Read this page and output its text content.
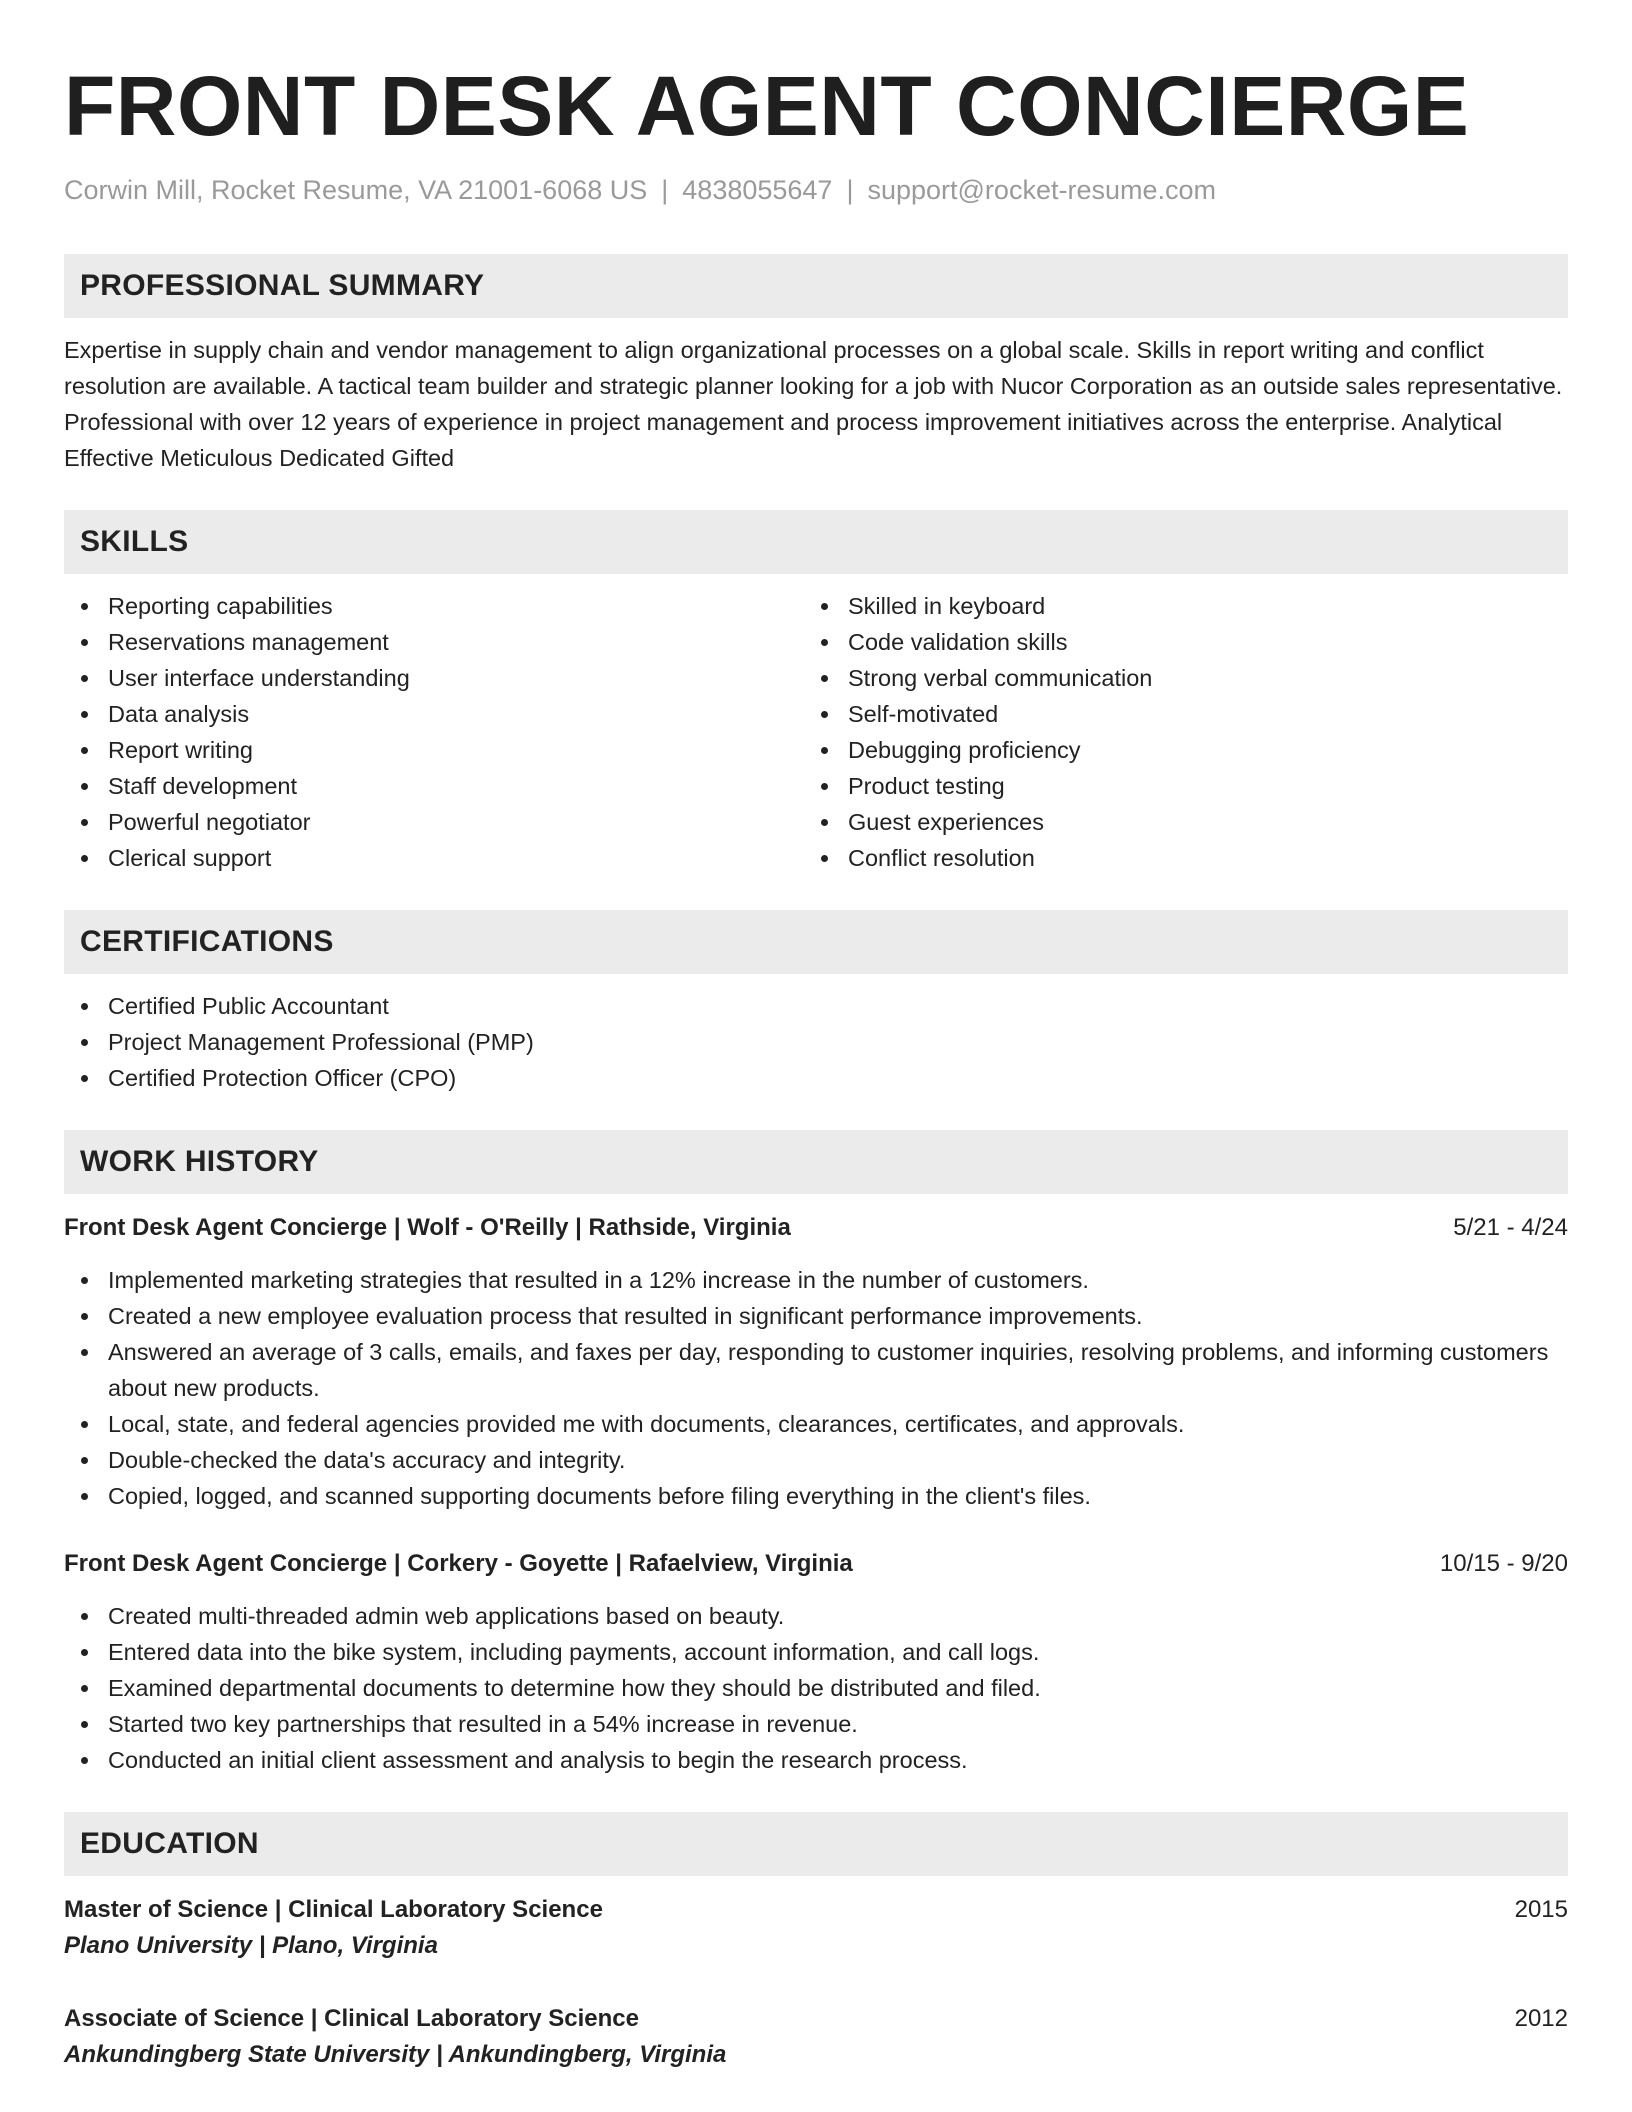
FRONT DESK AGENT CONCIERGE
Corwin Mill, Rocket Resume, VA 21001-6068 US | 4838055647 | support@rocket-resume.com
PROFESSIONAL SUMMARY

Expertise in supply chain and vendor management to align organizational processes on a global scale. Skills in report writing and conflict resolution are available. A tactical team builder and strategic planner looking for a job with Nucor Corporation as an outside sales representative. Professional with over 12 years of experience in project management and process improvement initiatives across the enterprise. Analytical Effective Meticulous Dedicated Gifted

SKILLS
Reporting capabilities
Reservations management
User interface understanding
Data analysis
Report writing
Staff development
Powerful negotiator
Clerical support
Skilled in keyboard
Code validation skills
Strong verbal communication
Self-motivated
Debugging proficiency
Product testing
Guest experiences
Conflict resolution
CERTIFICATIONS
Certified Public Accountant
Project Management Professional (PMP)
Certified Protection Officer (CPO)
WORK HISTORY
Front Desk Agent Concierge | Wolf - O'Reilly | Rathside, Virginia	5/21 - 4/24
Implemented marketing strategies that resulted in a 12% increase in the number of customers.
Created a new employee evaluation process that resulted in significant performance improvements.
Answered an average of 3 calls, emails, and faxes per day, responding to customer inquiries, resolving problems, and informing customers about new products.
Local, state, and federal agencies provided me with documents, clearances, certificates, and approvals.
Double-checked the data's accuracy and integrity.
Copied, logged, and scanned supporting documents before filing everything in the client's files.
Front Desk Agent Concierge | Corkery - Goyette | Rafaelview, Virginia	10/15 - 9/20
Created multi-threaded admin web applications based on beauty.
Entered data into the bike system, including payments, account information, and call logs.
Examined departmental documents to determine how they should be distributed and filed.
Started two key partnerships that resulted in a 54% increase in revenue.
Conducted an initial client assessment and analysis to begin the research process.
EDUCATION
Master of Science | Clinical Laboratory Science	2015
Plano University | Plano, Virginia
Associate of Science | Clinical Laboratory Science	2012
Ankundingberg State University | Ankundingberg, Virginia
